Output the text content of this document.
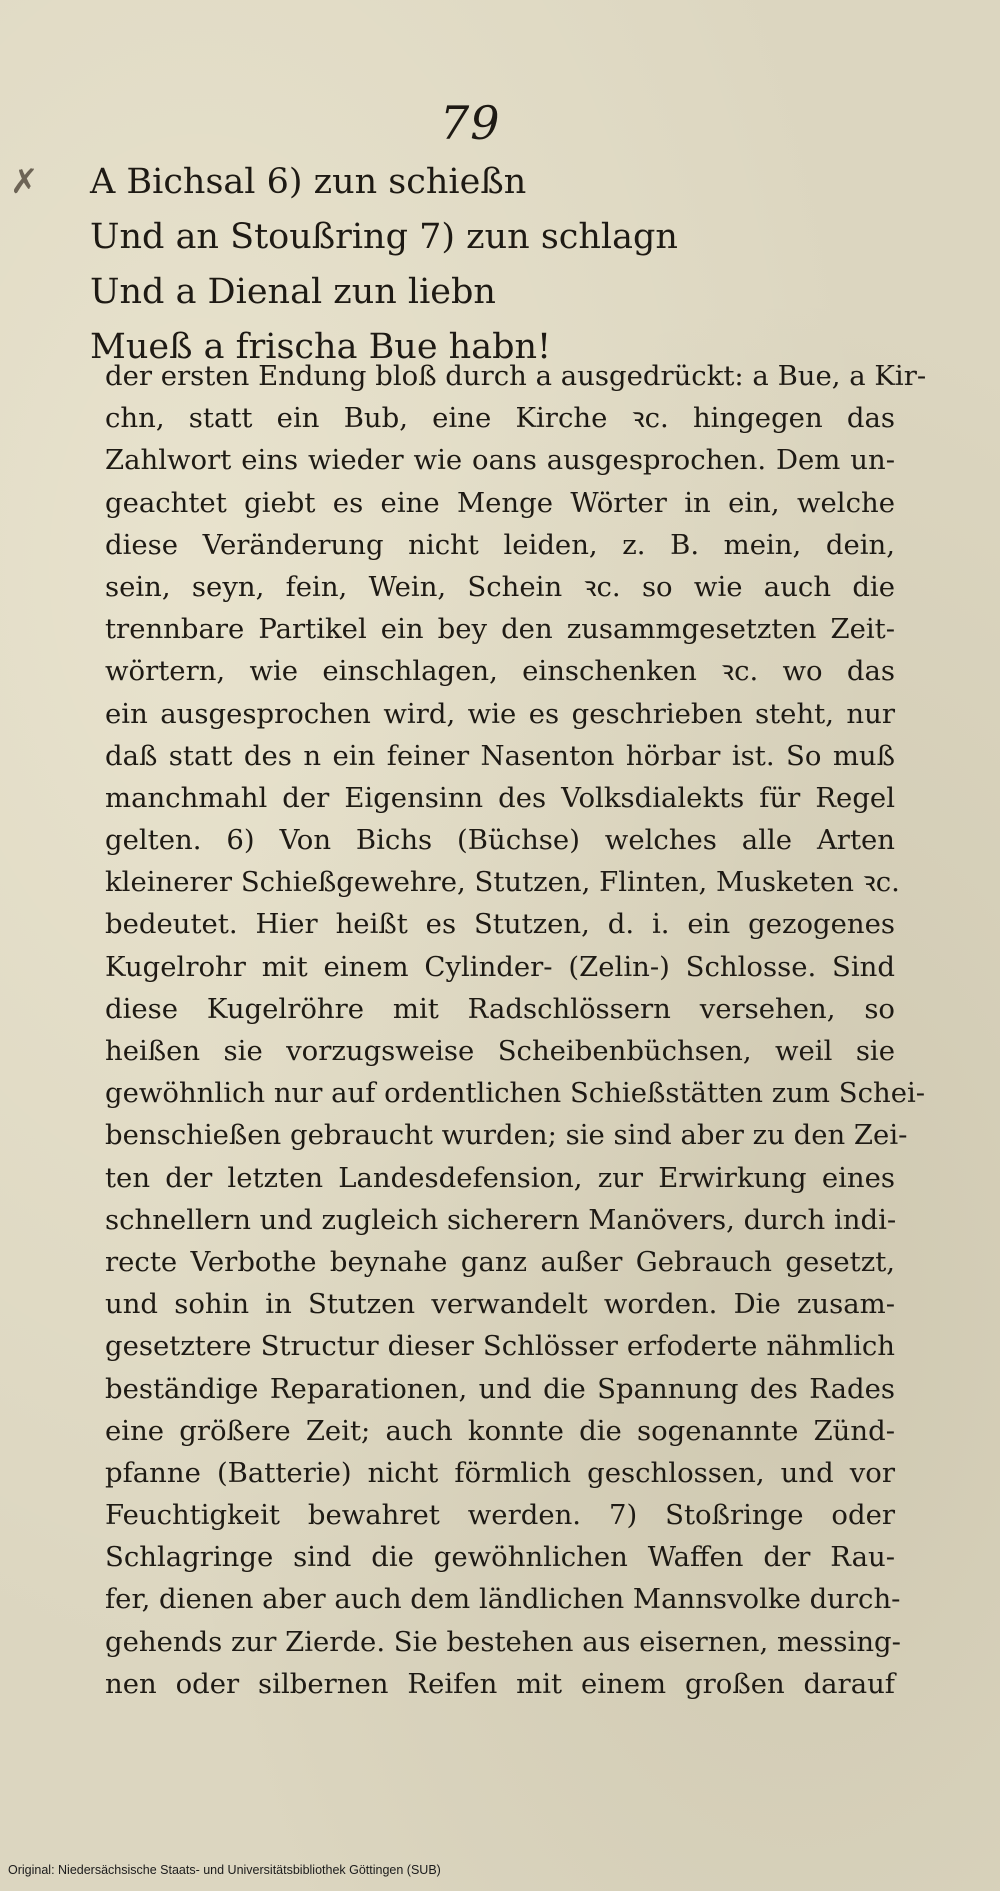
✗
79
A Bichsal 6) zun schießn
Und an Stoußring 7) zun schlagn
Und a Dienal zun liebn
Mueß a frischa Bue habn!
der ersten Endung bloß durch a ausgedrückt: a Bue, a Kir-
chn, statt ein Bub, eine Kirche ꝛc. hingegen das
Zahlwort eins wieder wie oans ausgesprochen. Dem un-
geachtet giebt es eine Menge Wörter in ein, welche
diese Veränderung nicht leiden, z. B. mein, dein,
sein, seyn, fein, Wein, Schein ꝛc. so wie auch die
trennbare Partikel ein bey den zusammgesetzten Zeit-
wörtern, wie einschlagen, einschenken ꝛc. wo das
ein ausgesprochen wird, wie es geschrieben steht, nur
daß statt des n ein feiner Nasenton hörbar ist. So muß
manchmahl der Eigensinn des Volksdialekts für Regel
gelten. 6) Von Bichs (Büchse) welches alle Arten
kleinerer Schießgewehre, Stutzen, Flinten, Musketen ꝛc.
bedeutet. Hier heißt es Stutzen, d. i. ein gezogenes
Kugelrohr mit einem Cylinder- (Zelin-) Schlosse. Sind
diese Kugelröhre mit Radschlössern versehen, so
heißen sie vorzugsweise Scheibenbüchsen, weil sie
gewöhnlich nur auf ordentlichen Schießstätten zum Schei-
benschießen gebraucht wurden; sie sind aber zu den Zei-
ten der letzten Landesdefension, zur Erwirkung eines
schnellern und zugleich sicherern Manövers, durch indi-
recte Verbothe beynahe ganz außer Gebrauch gesetzt,
und sohin in Stutzen verwandelt worden. Die zusam-
gesetztere Structur dieser Schlösser erfoderte nähmlich
beständige Reparationen, und die Spannung des Rades
eine größere Zeit; auch konnte die sogenannte Zünd-
pfanne (Batterie) nicht förmlich geschlossen, und vor
Feuchtigkeit bewahret werden. 7) Stoßringe oder
Schlagringe sind die gewöhnlichen Waffen der Rau-
fer, dienen aber auch dem ländlichen Mannsvolke durch-
gehends zur Zierde. Sie bestehen aus eisernen, messing-
nen oder silbernen Reifen mit einem großen darauf
Original: Niedersächsische Staats- und Universitätsbibliothek Göttingen (SUB)
